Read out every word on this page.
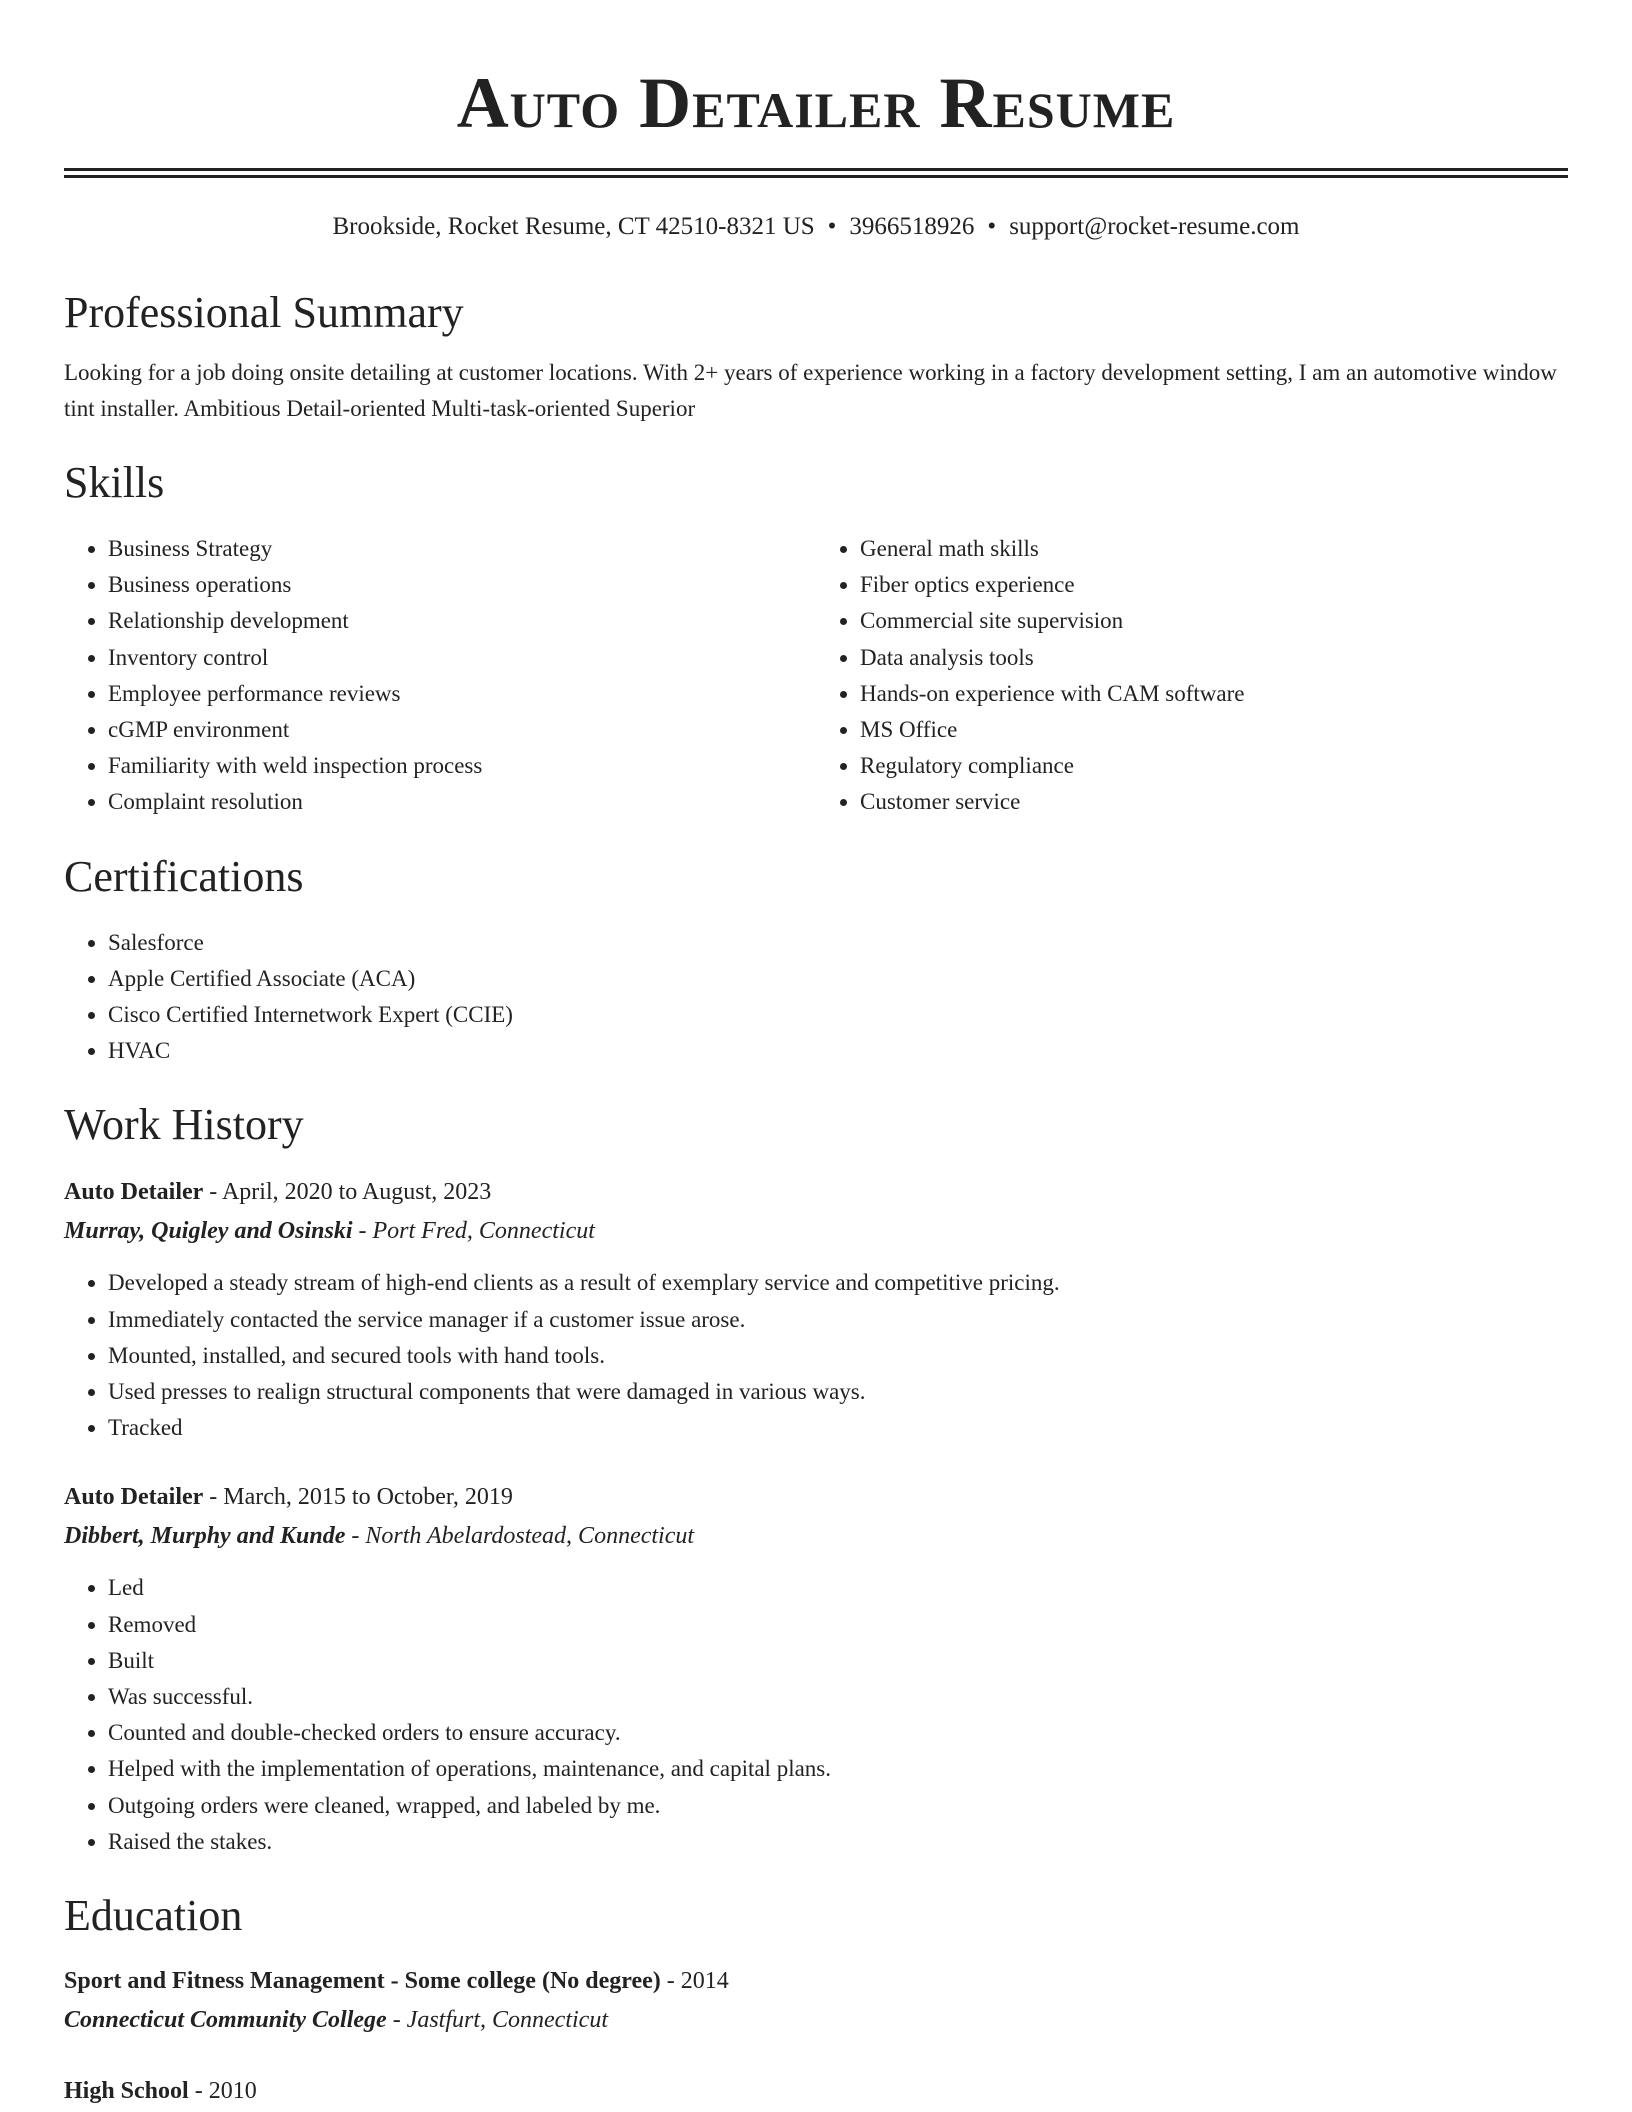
Auto Detailer Resume
Brookside, Rocket Resume, CT 42510-8321 US • 3966518926 • support@rocket-resume.com
Professional Summary

Looking for a job doing onsite detailing at customer locations. With 2+ years of experience working in a factory development setting, I am an automotive window tint installer. Ambitious Detail-oriented Multi-task-oriented Superior

Skills
• Business Strategy
• Business operations
• Relationship development
• Inventory control
• Employee performance reviews
• cGMP environment
• Familiarity with weld inspection process
• Complaint resolution
• General math skills
• Fiber optics experience
• Commercial site supervision
• Data analysis tools
• Hands-on experience with CAM software
• MS Office
• Regulatory compliance
• Customer service
Certifications
• Salesforce
• Apple Certified Associate (ACA)
• Cisco Certified Internetwork Expert (CCIE)
• HVAC
Work History
Auto Detailer - April, 2020 to August, 2023
Murray, Quigley and Osinski - Port Fred, Connecticut
• Developed a steady stream of high-end clients as a result of exemplary service and competitive pricing.
• Immediately contacted the service manager if a customer issue arose.
• Mounted, installed, and secured tools with hand tools.
• Used presses to realign structural components that were damaged in various ways.
• Tracked
Auto Detailer - March, 2015 to October, 2019
Dibbert, Murphy and Kunde - North Abelardostead, Connecticut
• Led
• Removed
• Built
• Was successful.
• Counted and double-checked orders to ensure accuracy.
• Helped with the implementation of operations, maintenance, and capital plans.
• Outgoing orders were cleaned, wrapped, and labeled by me.
• Raised the stakes.
Education
Sport and Fitness Management - Some college (No degree) - 2014
Connecticut Community College - Jastfurt, Connecticut
High School - 2010
